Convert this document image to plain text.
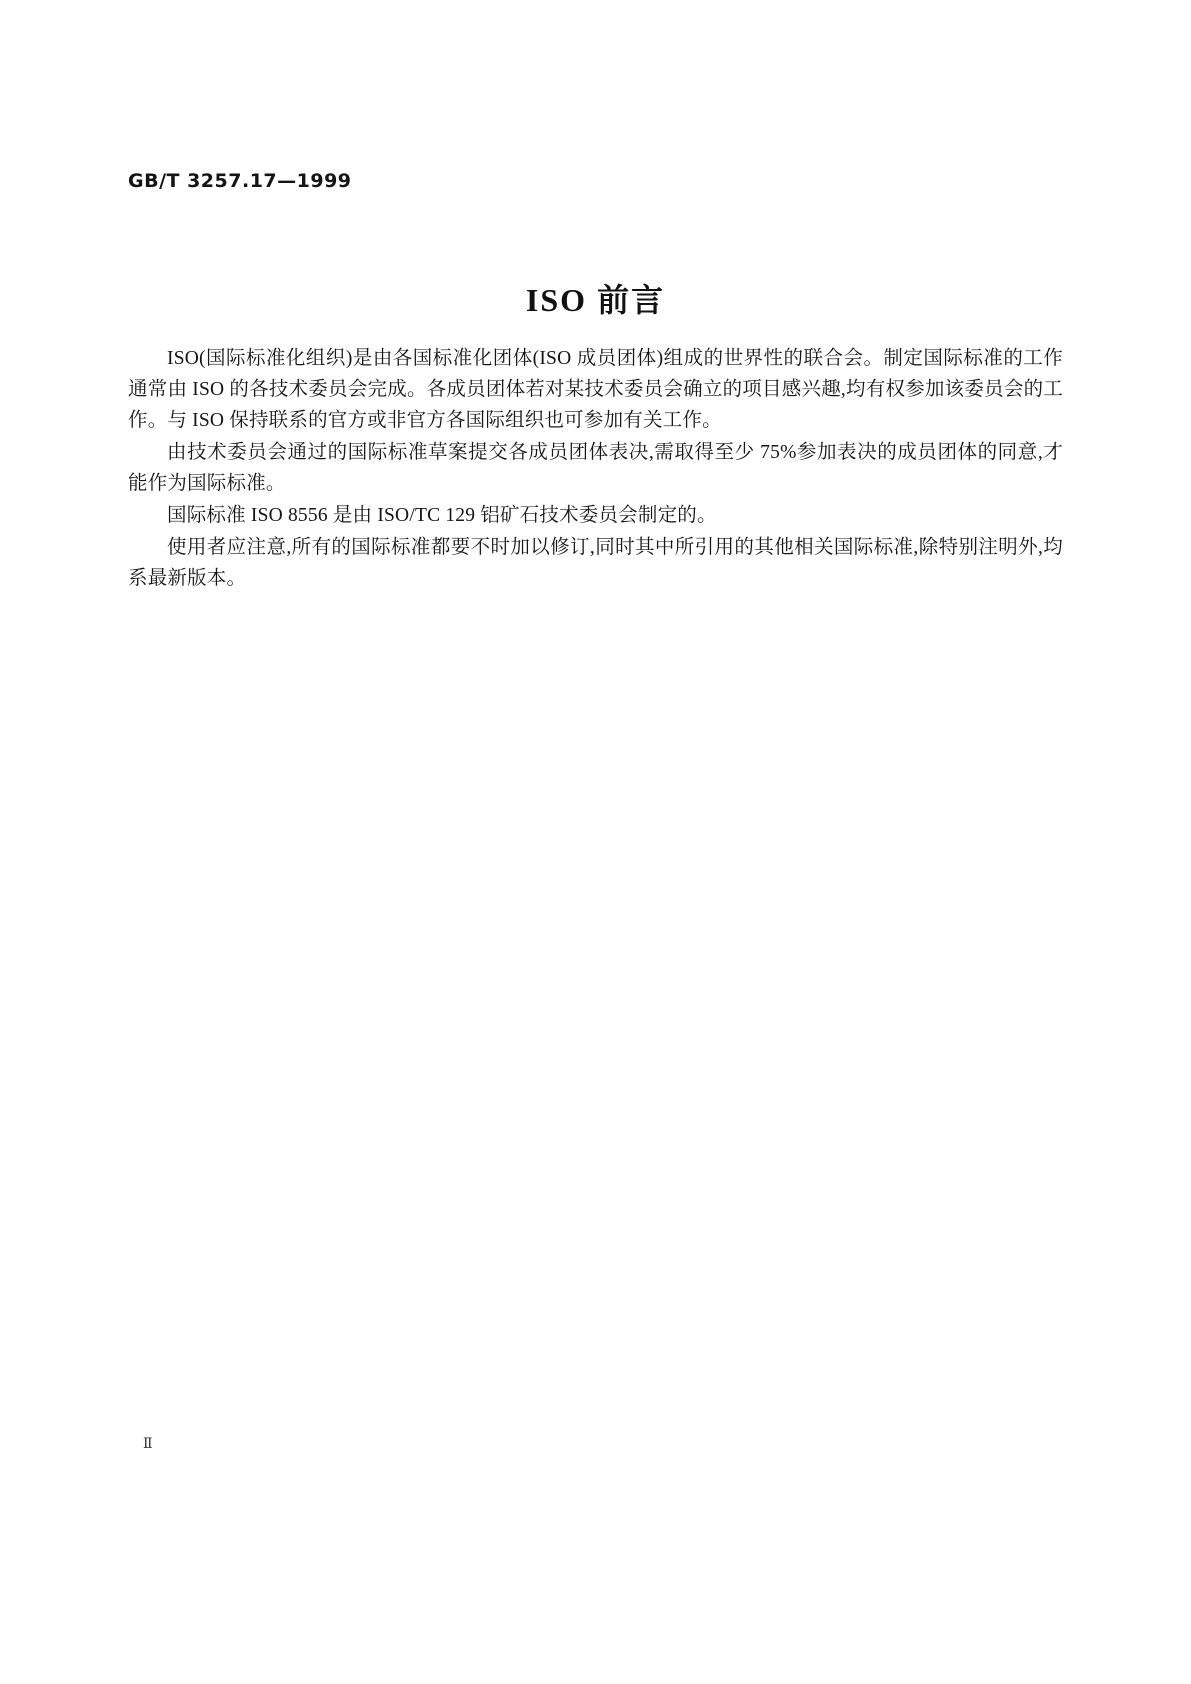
GB/T 3257.17—1999
ISO 前言

ISO(国际标准化组织)是由各国标准化团体(ISO 成员团体)组成的世界性的联合会。制定国际标准的工作通常由 ISO 的各技术委员会完成。各成员团体若对某技术委员会确立的项目感兴趣,均有权参加该委员会的工作。与 ISO 保持联系的官方或非官方各国际组织也可参加有关工作。

由技术委员会通过的国际标准草案提交各成员团体表决,需取得至少 75%参加表决的成员团体的同意,才能作为国际标准。

国际标准 ISO 8556 是由 ISO/TC 129 铝矿石技术委员会制定的。

使用者应注意,所有的国际标准都要不时加以修订,同时其中所引用的其他相关国际标准,除特别注明外,均系最新版本。

Ⅱ
